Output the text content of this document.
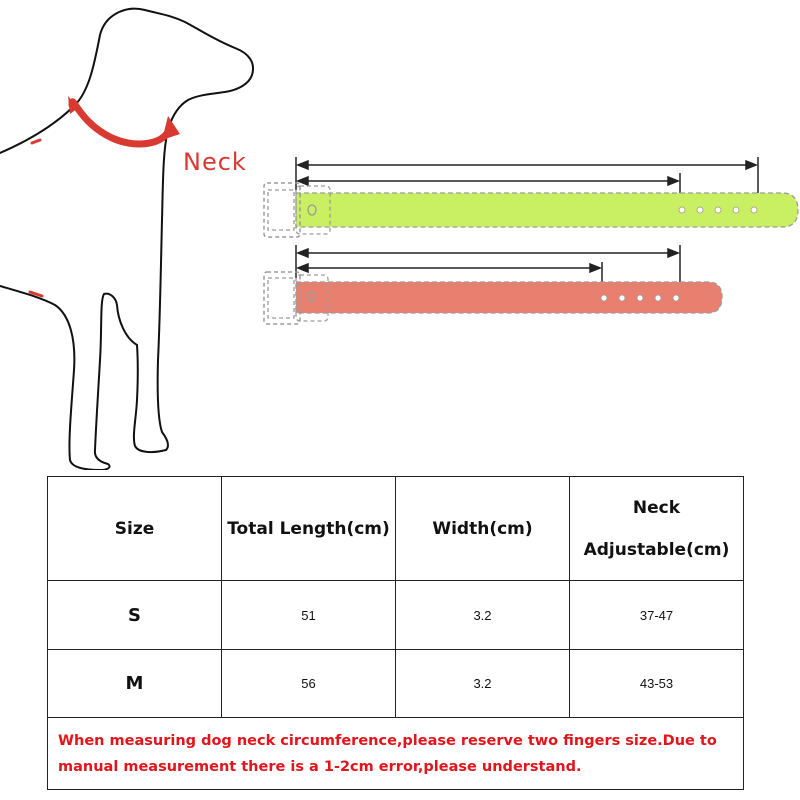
Neck
Size	Total Length(cm)	Width(cm)	Neck
Adjustable(cm)

S	51	3.2	37-47
M	56	3.2	43-53

When measuring dog neck circumference,please reserve two fingers size.Due to manual measurement there is a 1-2cm error,please understand.			
